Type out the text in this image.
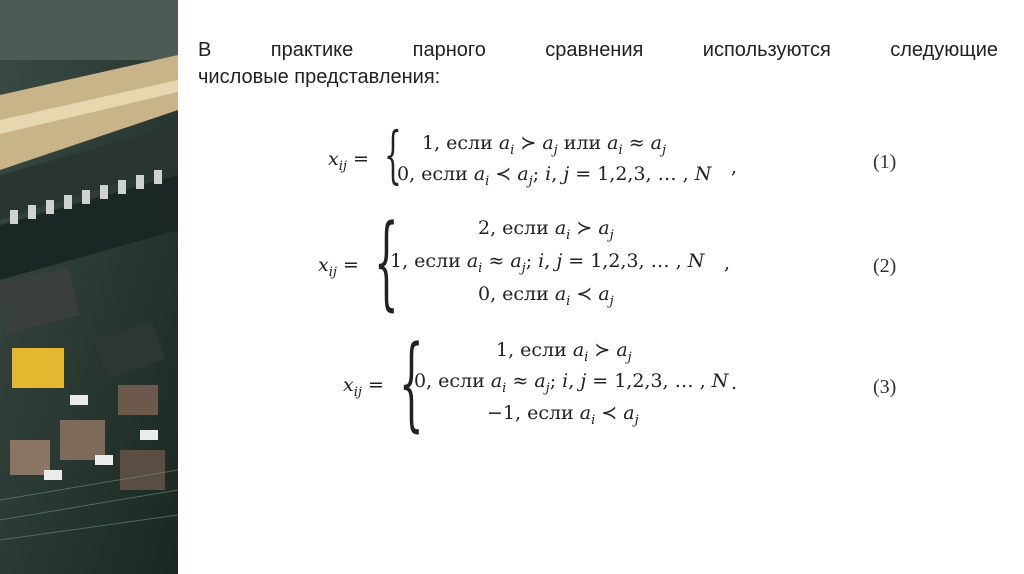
В практике парного сравнения используются следующие
числовые представления:
$x_{ij}$ = { 1, если $a_i$ ≻ $a_j$ или $a_i \approx a_j$
0, если $a_i$ ≺ $a_j$; i, j = 1,2,3, … , N ,	(1)
$x_{ij}$ = {	2, если $a_i$ ≻ $a_j$
1, если $a_i \approx a_j$; i, j = 1,2,3, … , N
0, если $a_i$ ≺ $a_j$
,	(2)
$x_{ij}$ = {	1, если $a_i$ ≻ $a_j$
0, если $a_i \approx a_j$; i, j = 1,2,3, … , N
−1, если $a_i$ ≺ $a_j$
.	(3)
